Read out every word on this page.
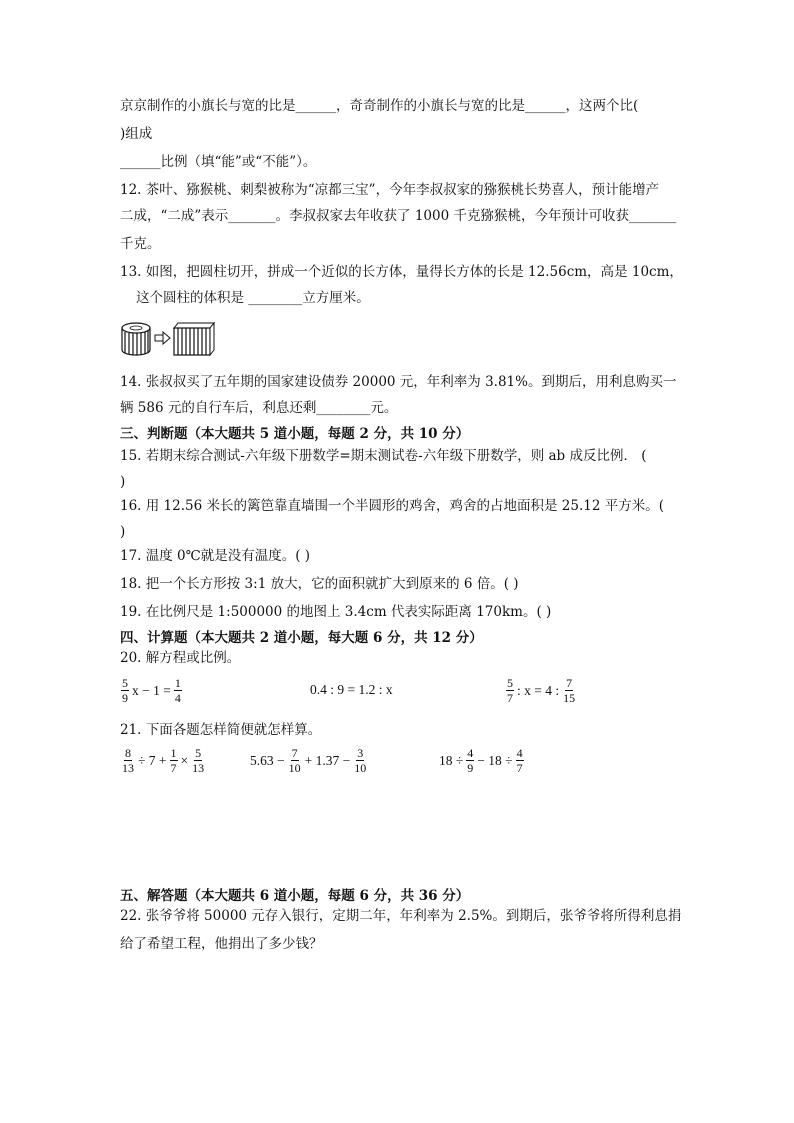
京京制作的小旗长与宽的比是______，奇奇制作的小旗长与宽的比是______，这两个比(
)组成
______比例（填“能”或“不能”）。
12. 茶叶、猕猴桃、刺梨被称为“凉都三宝”，今年李叔叔家的猕猴桃长势喜人，预计能增产
二成，“二成”表示_______。李叔叔家去年收获了 1000 千克猕猴桃，今年预计可收获_______
千克。
13. 如图，把圆柱切开，拼成一个近似的长方体，量得长方体的长是 12.56cm，高是 10cm，
这个圆柱的体积是 ________立方厘米。
14. 张叔叔买了五年期的国家建设债券 20000 元，年利率为 3.81%。到期后，用利息购买一
辆 586 元的自行车后，利息还剩________元。
三、判断题（本大题共 5 道小题，每题 2 分，共 10 分）
15. 若期末综合测试-六年级下册数学=期末测试卷-六年级下册数学，则 ab 成反比例． (
)
16. 用 12.56 米长的篱笆靠直墙围一个半圆形的鸡舍，鸡舍的占地面积是 25.12 平方米。(
)
17. 温度 0℃就是没有温度。( )
18. 把一个长方形按 3:1 放大，它的面积就扩大到原来的 6 倍。( )
19. 在比例尺是 1:500000 的地图上 3.4cm 代表实际距离 170km。( )
四、计算题（本大题共 2 道小题，每大题 6 分，共 12 分）
20. 解方程或比例。
$\frac{5}{9}$ $x - 1 = \frac{1}{4}$	0.4 : 9 = 1.2 : x	$\frac{5}{7}$ : x = 4 : $\frac{7}{15}$
21. 下面各题怎样简便就怎样算。
$\frac{8}{13} \div 7 + \frac{1}{7} \times \frac{5}{13}$	$5.63 - \frac{7}{10} + 1.37 - \frac{3}{10}$	$18 \div \frac{4}{9} - 18 \div \frac{4}{7}$
五、解答题（本大题共 6 道小题，每题 6 分，共 36 分）
22. 张爷爷将 50000 元存入银行，定期二年，年利率为 2.5%。到期后，张爷爷将所得利息捐
给了希望工程，他捐出了多少钱？
